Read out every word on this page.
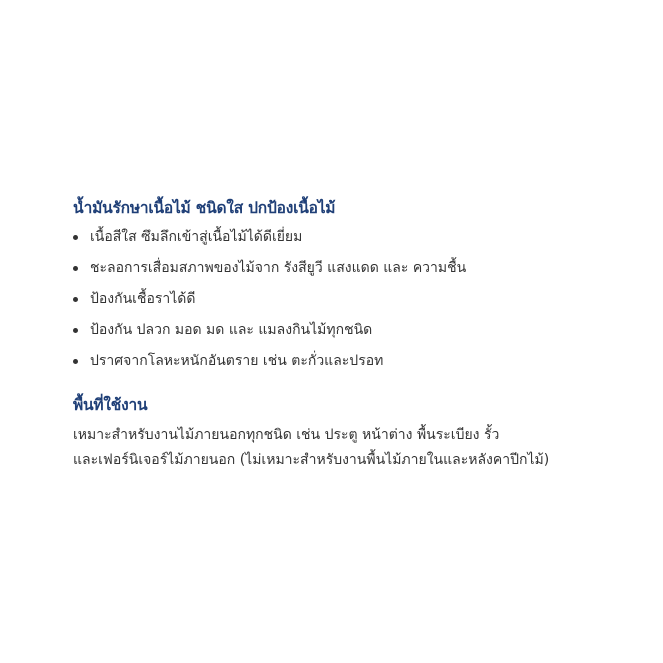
น้ำมันรักษาเนื้อไม้ ชนิดใส ปกป้องเนื้อไม้
เนื้อสีใส ซึมลึกเข้าสู่เนื้อไม้ได้ดีเยี่ยม
ชะลอการเสื่อมสภาพของไม้จาก รังสียูวี แสงแดด และ ความชื้น
ป้องกันเชื้อราได้ดี
ป้องกัน ปลวก มอด มด และ แมลงกินไม้ทุกชนิด
ปราศจากโลหะหนักอันตราย เช่น ตะกั่วและปรอท
พื้นที่ใช้งาน

เหมาะสำหรับงานไม้ภายนอกทุกชนิด เช่น ประตู หน้าต่าง พื้นระเบียง รั้ว
และเฟอร์นิเจอร์ไม้ภายนอก (ไม่เหมาะสำหรับงานพื้นไม้ภายในและหลังคาปีกไม้)
